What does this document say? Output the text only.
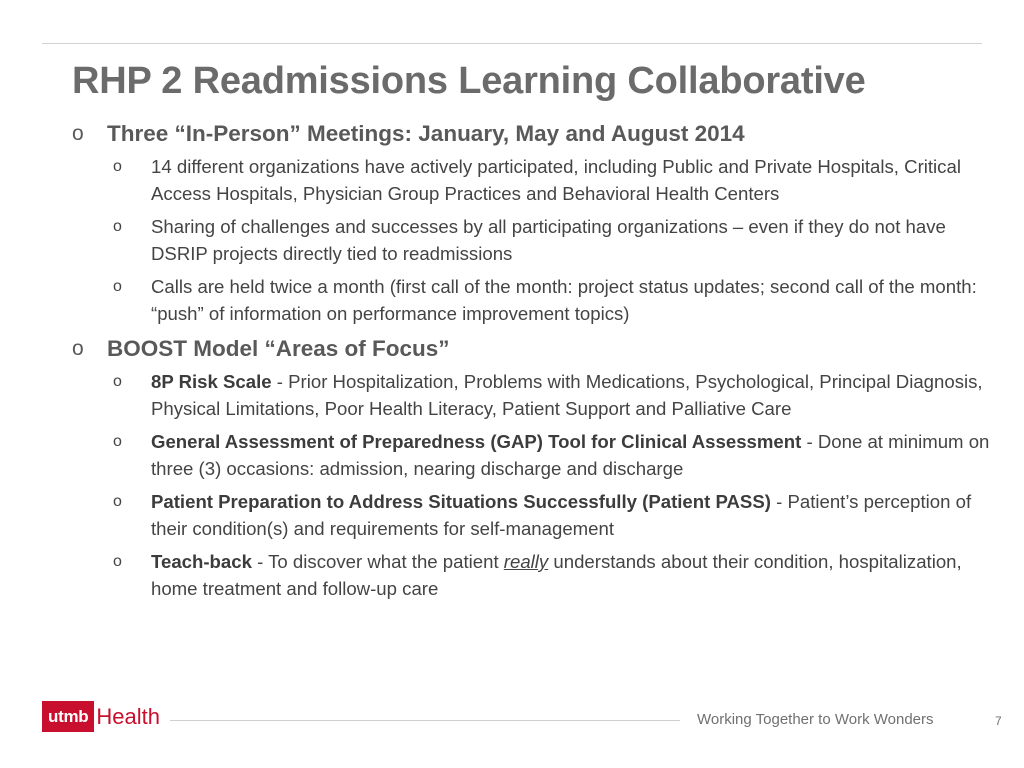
RHP 2 Readmissions Learning Collaborative
o Three “In-Person” Meetings: January, May and August 2014
o 14 different organizations have actively participated, including Public and Private Hospitals, Critical Access Hospitals, Physician Group Practices and Behavioral Health Centers
o Sharing of challenges and successes by all participating organizations – even if they do not have DSRIP projects directly tied to readmissions
o Calls are held twice a month (first call of the month: project status updates; second call of the month: “push” of information on performance improvement topics)
o BOOST Model “Areas of Focus”
o 8P Risk Scale - Prior Hospitalization, Problems with Medications, Psychological, Principal Diagnosis, Physical Limitations, Poor Health Literacy, Patient Support and Palliative Care
o General Assessment of Preparedness (GAP) Tool for Clinical Assessment - Done at minimum on three (3) occasions: admission, nearing discharge and discharge
o Patient Preparation to Address Situations Successfully (Patient PASS) - Patient’s perception of their condition(s) and requirements for self-management
o Teach-back - To discover what the patient really understands about their condition, hospitalization, home treatment and follow-up care
utmb Health	Working Together to Work Wonders	7
